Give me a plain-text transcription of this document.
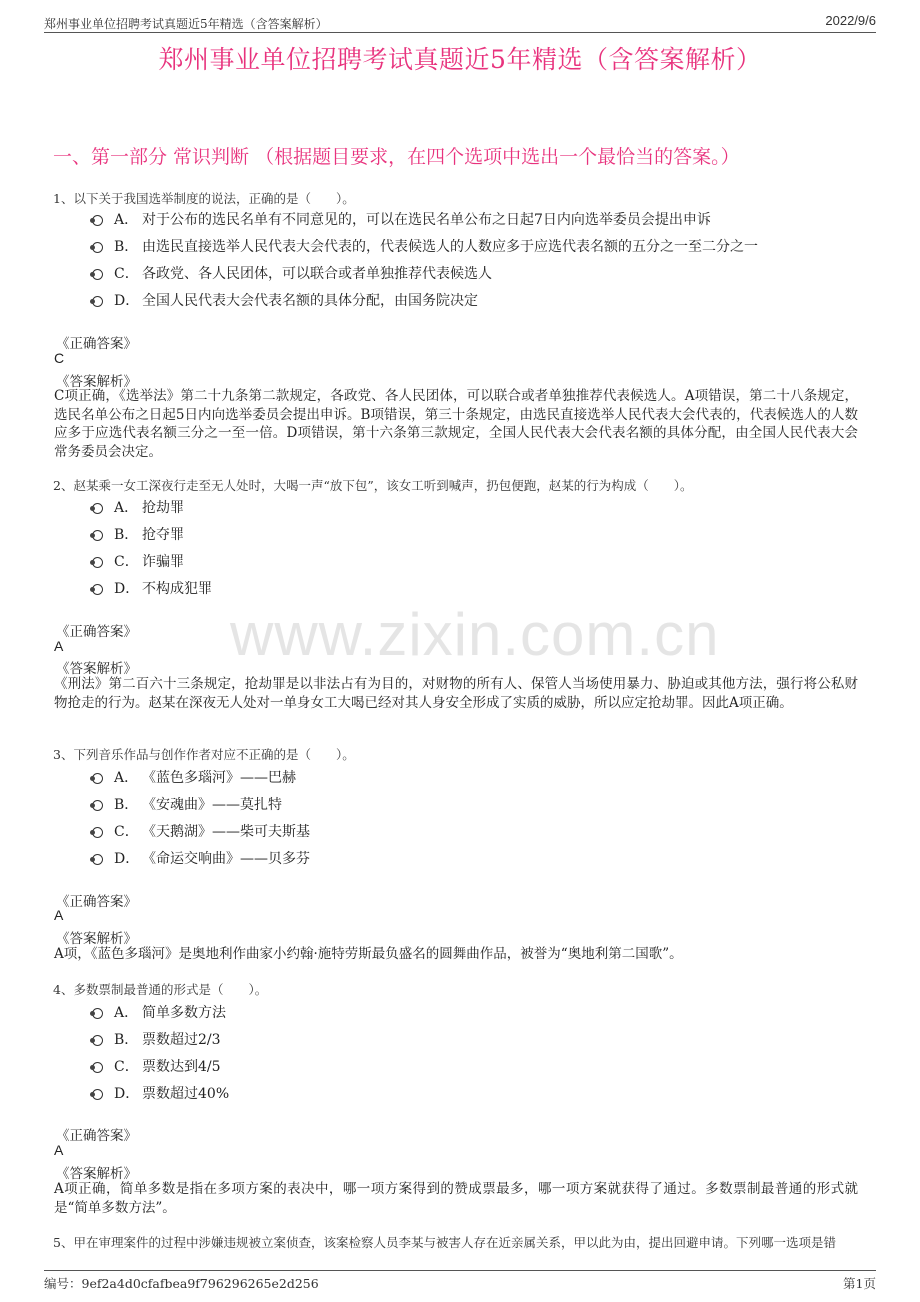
郑州事业单位招聘考试真题近5年精选（含答案解析）	2022/9/6
郑州事业单位招聘考试真题近5年精选（含答案解析）
一、第一部分 常识判断 （根据题目要求，在四个选项中选出一个最恰当的答案。）
www.zixin.com.cn
1、以下关于我国选举制度的说法，正确的是（　　）。
A． 对于公布的选民名单有不同意见的，可以在选民名单公布之日起7日内向选举委员会提出申诉
B． 由选民直接选举人民代表大会代表的，代表候选人的人数应多于应选代表名额的五分之一至二分之一
C． 各政党、各人民团体，可以联合或者单独推荐代表候选人
D． 全国人民代表大会代表名额的具体分配，由国务院决定
《正确答案》
C
《答案解析》
C项正确，《选举法》第二十九条第二款规定，各政党、各人民团体，可以联合或者单独推荐代表候选人。A项错误，第二十八条规定，选民名单公布之日起5日内向选举委员会提出申诉。B项错误，第三十条规定，由选民直接选举人民代表大会代表的，代表候选人的人数应多于应选代表名额三分之一至一倍。D项错误，第十六条第三款规定，全国人民代表大会代表名额的具体分配，由全国人民代表大会常务委员会决定。
2、赵某乘一女工深夜行走至无人处时，大喝一声“放下包”，该女工听到喊声，扔包便跑，赵某的行为构成（　　）。
A． 抢劫罪
B． 抢夺罪
C． 诈骗罪
D． 不构成犯罪
《正确答案》
A
《答案解析》
《刑法》第二百六十三条规定，抢劫罪是以非法占有为目的，对财物的所有人、保管人当场使用暴力、胁迫或其他方法，强行将公私财物抢走的行为。赵某在深夜无人处对一单身女工大喝已经对其人身安全形成了实质的威胁，所以应定抢劫罪。因此A项正确。
3、下列音乐作品与创作作者对应不正确的是（　　）。
A． 《蓝色多瑙河》——巴赫
B． 《安魂曲》——莫扎特
C． 《天鹅湖》——柴可夫斯基
D． 《命运交响曲》——贝多芬
《正确答案》
A
《答案解析》
A项，《蓝色多瑙河》是奥地利作曲家小约翰·施特劳斯最负盛名的圆舞曲作品，被誉为“奥地利第二国歌”。
4、多数票制最普通的形式是（　　）。
A． 简单多数方法
B． 票数超过2/3
C． 票数达到4/5
D． 票数超过40%
《正确答案》
A
《答案解析》
A项正确，简单多数是指在多项方案的表决中，哪一项方案得到的赞成票最多，哪一项方案就获得了通过。多数票制最普通的形式就是“简单多数方法”。
5、甲在审理案件的过程中涉嫌违规被立案侦查，该案检察人员李某与被害人存在近亲属关系，甲以此为由，提出回避申请。下列哪一选项是错
编号：9ef2a4d0cfafbea9f796296265e2d256	第1页
